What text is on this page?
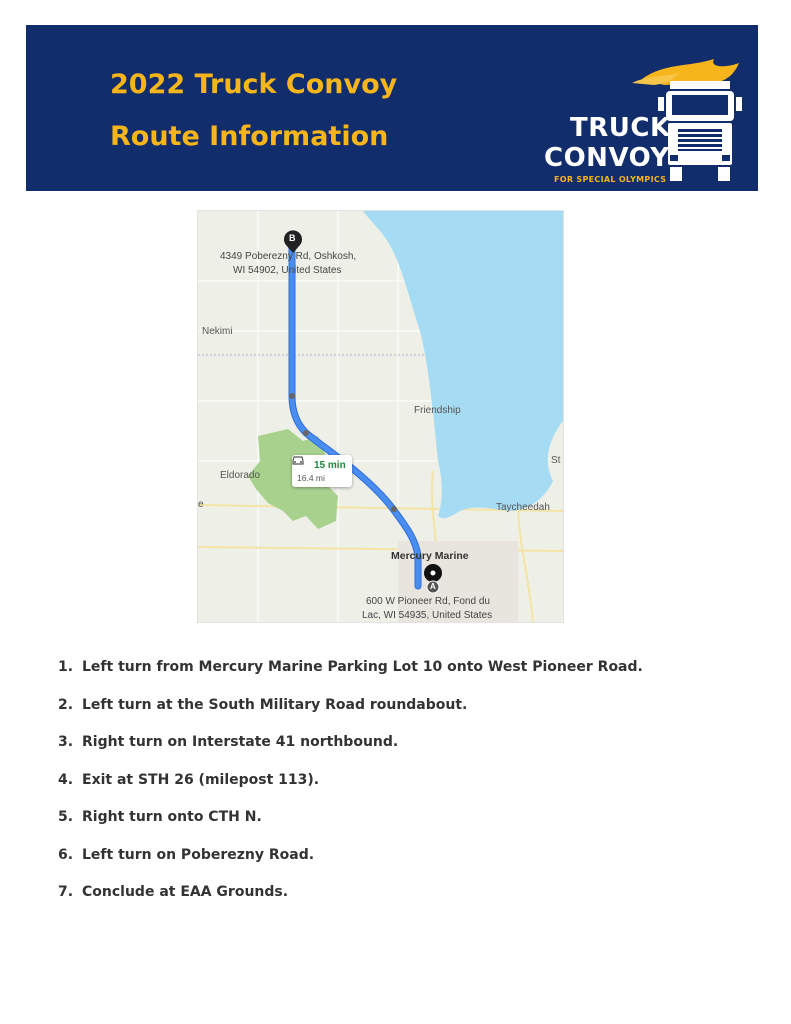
2022 Truck Convoy
Route Information	TRUCK
CONVOY
FOR SPECIAL OLYMPICS
B
A
4349 Poberezny Rd, Oshkosh,
WI 54902, United States
Nekimi
Friendship
Eldorado
St
Taycheedah
e
Mercury Marine
600 W Pioneer Rd, Fond du
Lac, WI 54935, United States
15 min
16.4 mi
1. Left turn from Mercury Marine Parking Lot 10 onto West Pioneer Road.
2. Left turn at the South Military Road roundabout.
3. Right turn on Interstate 41 northbound.
4. Exit at STH 26 (milepost 113).
5. Right turn onto CTH N.
6. Left turn on Poberezny Road.
7. Conclude at EAA Grounds.
